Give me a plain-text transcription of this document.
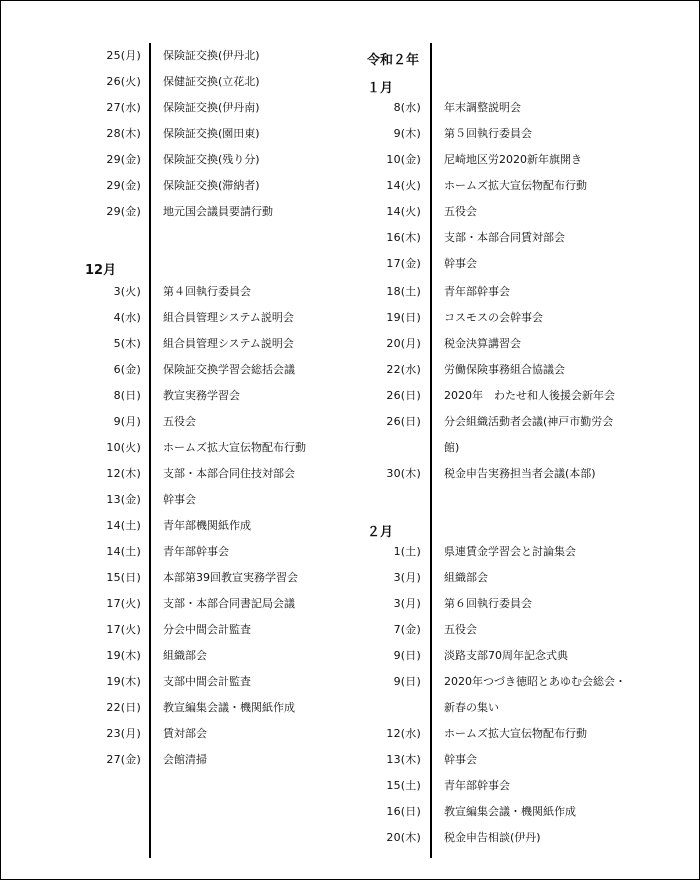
25(月) 保険証交換(伊丹北)
26(火) 保健証交換(立花北)
27(水) 保険証交換(伊丹南)
28(木) 保険証交換(園田東)
29(金) 保険証交換(残り分)
29(金) 保険証交換(滞納者)
29(金) 地元国会議員要請行動
12月
3(火) 第４回執行委員会
4(水) 組合員管理システム説明会
5(木) 組合員管理システム説明会
6(金) 保険証交換学習会総括会議
8(日) 教宣実務学習会
9(月) 五役会
10(火) ホームズ拡大宣伝物配布行動
12(木) 支部・本部合同住技対部会
13(金) 幹事会
14(土) 青年部機関紙作成
14(土) 青年部幹事会
15(日) 本部第39回教宣実務学習会
17(火) 支部・本部合同書記局会議
17(火) 分会中間会計監査
19(木) 組織部会
19(木) 支部中間会計監査
22(日) 教宣編集会議・機関紙作成
23(月) 賃対部会
27(金) 会館清掃
令和２年
１月
8(水) 年末調整説明会
9(木) 第５回執行委員会
10(金) 尼崎地区労2020新年旗開き
14(火) ホームズ拡大宣伝物配布行動
14(火) 五役会
16(木) 支部・本部合同賃対部会
17(金) 幹事会
18(土) 青年部幹事会
19(日) コスモスの会幹事会
20(月) 税金決算講習会
22(水) 労働保険事務組合協議会
26(日) 2020年　わたせ和人後援会新年会
26(日) 分会組織活動者会議(神戸市勤労会
館)
30(木) 税金申告実務担当者会議(本部)
２月
1(土) 県連賃金学習会と討論集会
3(月) 組織部会
3(月) 第６回執行委員会
7(金) 五役会
9(日) 淡路支部70周年記念式典
9(日) 2020年つづき徳昭とあゆむ会総会・
新春の集い
12(水) ホームズ拡大宣伝物配布行動
13(木) 幹事会
15(土) 青年部幹事会
16(日) 教宣編集会議・機関紙作成
20(木) 税金申告相談(伊丹)
